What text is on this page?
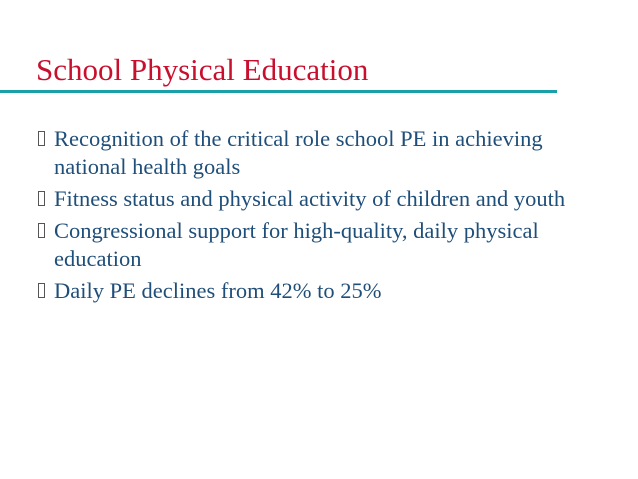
School Physical Education
Recognition of the critical role school PE in achieving national health goals
Fitness status and physical activity of children and youth
Congressional support for high-quality, daily physical education
Daily PE declines from 42% to 25%
